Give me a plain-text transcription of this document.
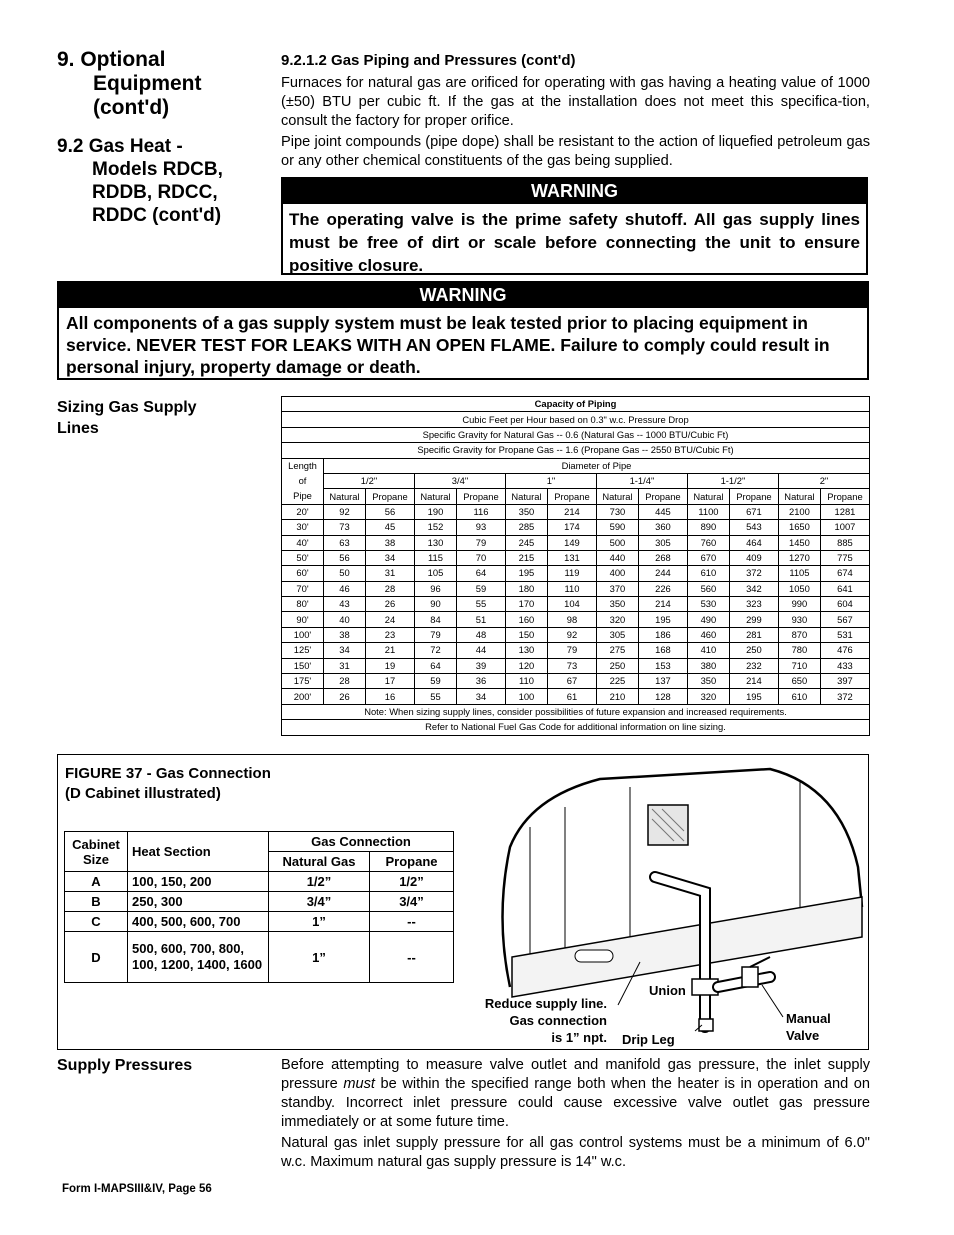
9. Optional
Equipment
(cont'd)
9.2 Gas Heat -
Models RDCB,
RDDB, RDCC,
RDDC (cont'd)
9.2.1.2 Gas Piping and Pressures (cont'd)
Furnaces for natural gas are orificed for operating with gas having a heating value of 1000 (±50) BTU per cubic ft. If the gas at the installation does not meet this specifica-tion, consult the factory for proper orifice.
Pipe joint compounds (pipe dope) shall be resistant to the action of liquefied petroleum gas or any other chemical constituents of the gas being supplied.
WARNING
The operating valve is the prime safety shutoff. All gas supply lines must be free of dirt or scale before connecting the unit to ensure positive closure.
WARNING
All components of a gas supply system must be leak tested prior to placing equipment in service. NEVER TEST FOR LEAKS WITH AN OPEN FLAME. Failure to comply could result in personal injury, property damage or death.
Sizing Gas Supply Lines
Capacity of Piping												
Cubic Feet per Hour based on 0.3" w.c. Pressure Drop												
Specific Gravity for Natural Gas -- 0.6 (Natural Gas -- 1000 BTU/Cubic Ft)												
Specific Gravity for Propane Gas -- 1.6 (Propane Gas -- 2550 BTU/Cubic Ft)												
Length	Diameter of Pipe											
of	1/2"		3/4"		1"		1-1/4"		1-1/2"		2"	
Pipe	Natural	Propane	Natural	Propane	Natural	Propane	Natural	Propane	Natural	Propane	Natural	Propane
20'	92	56	190	116	350	214	730	445	1100	671	2100	1281
30'	73	45	152	93	285	174	590	360	890	543	1650	1007
40'	63	38	130	79	245	149	500	305	760	464	1450	885
50'	56	34	115	70	215	131	440	268	670	409	1270	775
60'	50	31	105	64	195	119	400	244	610	372	1105	674
70'	46	28	96	59	180	110	370	226	560	342	1050	641
80'	43	26	90	55	170	104	350	214	530	323	990	604
90'	40	24	84	51	160	98	320	195	490	299	930	567
100'	38	23	79	48	150	92	305	186	460	281	870	531
125'	34	21	72	44	130	79	275	168	410	250	780	476
150'	31	19	64	39	120	73	250	153	380	232	710	433
175'	28	17	59	36	110	67	225	137	350	214	650	397
200'	26	16	55	34	100	61	210	128	320	195	610	372
Note: When sizing supply lines, consider possibilities of future expansion and increased requirements.												
Refer to National Fuel Gas Code for additional information on line sizing.												
FIGURE 37 - Gas Connection
(D Cabinet illustrated)
Cabinet
Size	Heat Section	Gas Connection	
		Natural Gas	Propane
A	100, 150, 200	1/2”	1/2”
B	250, 300	3/4”	3/4”
C	400, 500, 600, 700	1”	--
D	500, 600, 700, 800, 100, 1200, 1400, 1600	1”	--
Union
Reduce supply line.
Gas connection
is 1” npt. Drip Leg
Manual
Valve
Supply Pressures	Before attempting to measure valve outlet and manifold gas pressure, the inlet supply pressure must be within the specified range both when the heater is in operation and on standby. Incorrect inlet pressure could cause excessive valve outlet gas pressure immediately or at some future time.
Natural gas inlet supply pressure for all gas control systems must be a minimum of 6.0" w.c. Maximum natural gas supply pressure is 14" w.c.
Form I-MAPSIII&IV, Page 56
